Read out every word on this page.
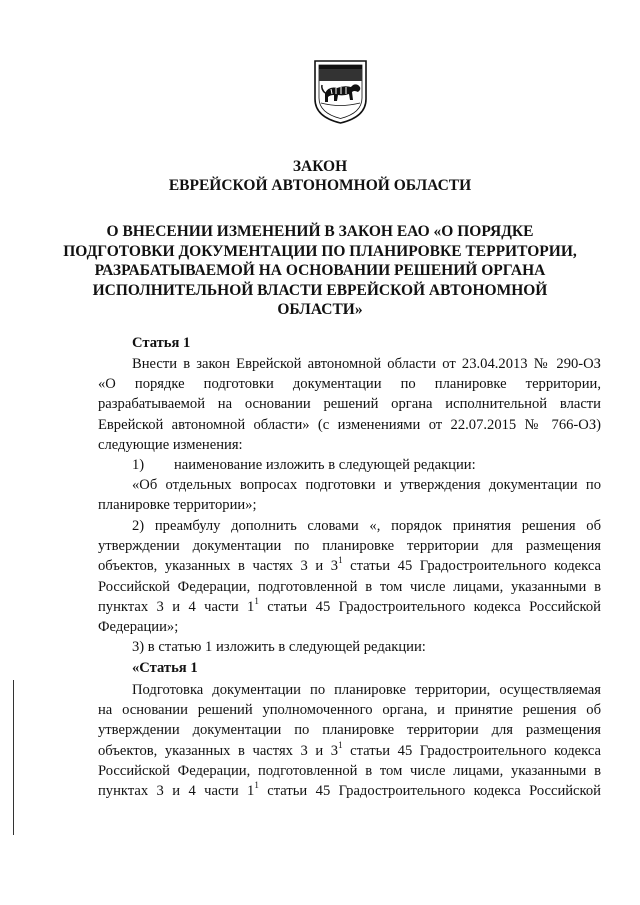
ЗАКОН
ЕВРЕЙСКОЙ АВТОНОМНОЙ ОБЛАСТИ
О ВНЕСЕНИИ ИЗМЕНЕНИЙ В ЗАКОН ЕАО «О ПОРЯДКЕ
ПОДГОТОВКИ ДОКУМЕНТАЦИИ ПО ПЛАНИРОВКЕ ТЕРРИТОРИИ,
РАЗРАБАТЫВАЕМОЙ НА ОСНОВАНИИ РЕШЕНИЙ ОРГАНА
ИСПОЛНИТЕЛЬНОЙ ВЛАСТИ ЕВРЕЙСКОЙ АВТОНОМНОЙ
ОБЛАСТИ»
Статья 1
Внести в закон Еврейской автономной области от 23.04.2013 № 290-ОЗ
«О порядке подготовки документации по планировке территории,
разрабатываемой на основании решений органа исполнительной власти
Еврейской автономной области» (с изменениями от 22.07.2015 № 766-ОЗ)
следующие изменения:
1) наименование изложить в следующей редакции:
«Об отдельных вопросах подготовки и утверждения документации по
планировке территории»;
2) преамбулу дополнить словами «, порядок принятия решения об
утверждении документации по планировке территории для размещения
объектов, указанных в частях 3 и $3^1$ статьи 45 Градостроительного кодекса
Российской Федерации, подготовленной в том числе лицами, указанными в
пунктах 3 и 4 части $1^1$ статьи 45 Градостроительного кодекса Российской
Федерации»;
3) в статью 1 изложить в следующей редакции:
«Статья 1
Подготовка документации по планировке территории, осуществляемая
на основании решений уполномоченного органа, и принятие решения об
утверждении документации по планировке территории для размещения
объектов, указанных в частях 3 и $3^1$ статьи 45 Градостроительного кодекса
Российской Федерации, подготовленной в том числе лицами, указанными в
пунктах 3 и 4 части $1^1$ статьи 45 Градостроительного кодекса Российской
